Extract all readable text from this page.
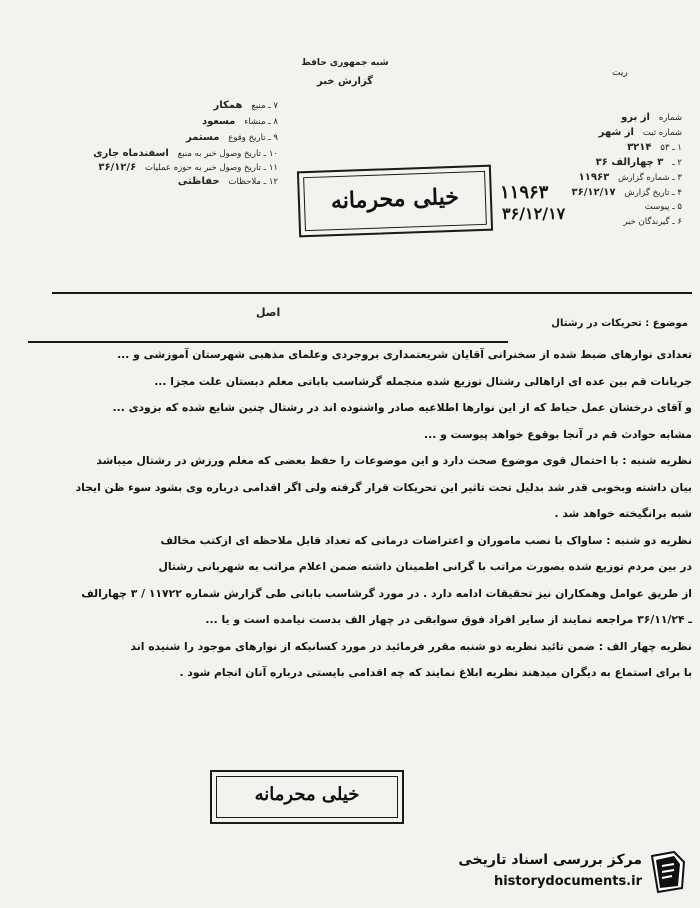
شبه جمهوری حافظ
گزارش خبر
ریت
۷ ـ منبع همکار
۸ ـ منشاء مسعود
۹ ـ تاریخ وقوع مستمر
۱۰ ـ تاریخ وصول خبر به منبع اسفندماه جاری
۱۱ ـ تاریخ وصول خبر به حوزه عملیات ۳۶/۱۲/۶
۱۲ ـ ملاحظات حفاظتی
شماره از برو
شماره ثبت از شهر
۱ ـ ۵۳ ۳۲۱۴
۲ ـ ۳ چهارالف ۳۶
۳ ـ شماره گزارش ۱۱۹۶۳
۴ ـ تاریخ گزارش ۳۶/۱۲/۱۷
۵ ـ پیوست
۶ ـ گیرندگان خبر
خیلی محرمانه	۱۱۹۶۳
۳۶/۱۲/۱۷
موضوع : تحریکات در رشتال
اصل
تعدادی نوارهای ضبط شده از سخنرانی آقایان شریعتمداری بروجردی وعلمای مذهبی شهرستان آموزشی و ...
جریانات قم بین عده ای ازاهالی رشتال توزیع شده منجمله گرشاسب باباتی معلم دبستان علت مجزا ...
و آقای درخشان عمل حیاط که از این نوارها اطلاعیه صادر واشنوده اند در رشتال چنین شایع شده که بزودی ...
مشابه حوادث قم در آنجا بوقوع خواهد پیوست و ...
نظریه شنبه : با احتمال قوی موضوع صحت دارد و این موضوعات را حفظ بعضی که معلم ورزش در رشتال میباشد
بیان داشته وبخوبی قدر شد بدلیل تحت تاثیر این تحریکات قرار گرفته ولی اگر اقدامی درباره وی بشود سوء ظن ایجاد
شبه برانگیخته خواهد شد .
نظریه دو شنبه : ساواک با نصب ماموران و اعتراضات درمانی که تعداد قابل ملاحظه ای ازکتب مخالف
در بین مردم توزیع شده بصورت مراتب با گرانی اطمینان داشته ضمن اعلام مراتب به شهربانی رشتال
از طریق عوامل وهمکاران نیز تحقیقات ادامه دارد . در مورد گرشاسب باباتی طی گزارش شماره ۱۱۷۲۲ / ۳ چهارالف
ـ ۳۶/۱۱/۲۴ مراجعه نمایند از سایر افراد فوق سوابقی در چهار الف بدست نیامده است و یا ...
نظریه چهار الف : ضمن تائید نظریه دو شنبه مقرر فرمائید در مورد کسانیکه از نوارهای موجود را شنیده اند
با برای استماع به دیگران میدهند نظریه ابلاغ نمایند که چه اقدامی بایستی درباره آنان انجام شود .
خیلی محرمانه
مرکز بررسی اسناد تاریخی
historydocuments.ir
